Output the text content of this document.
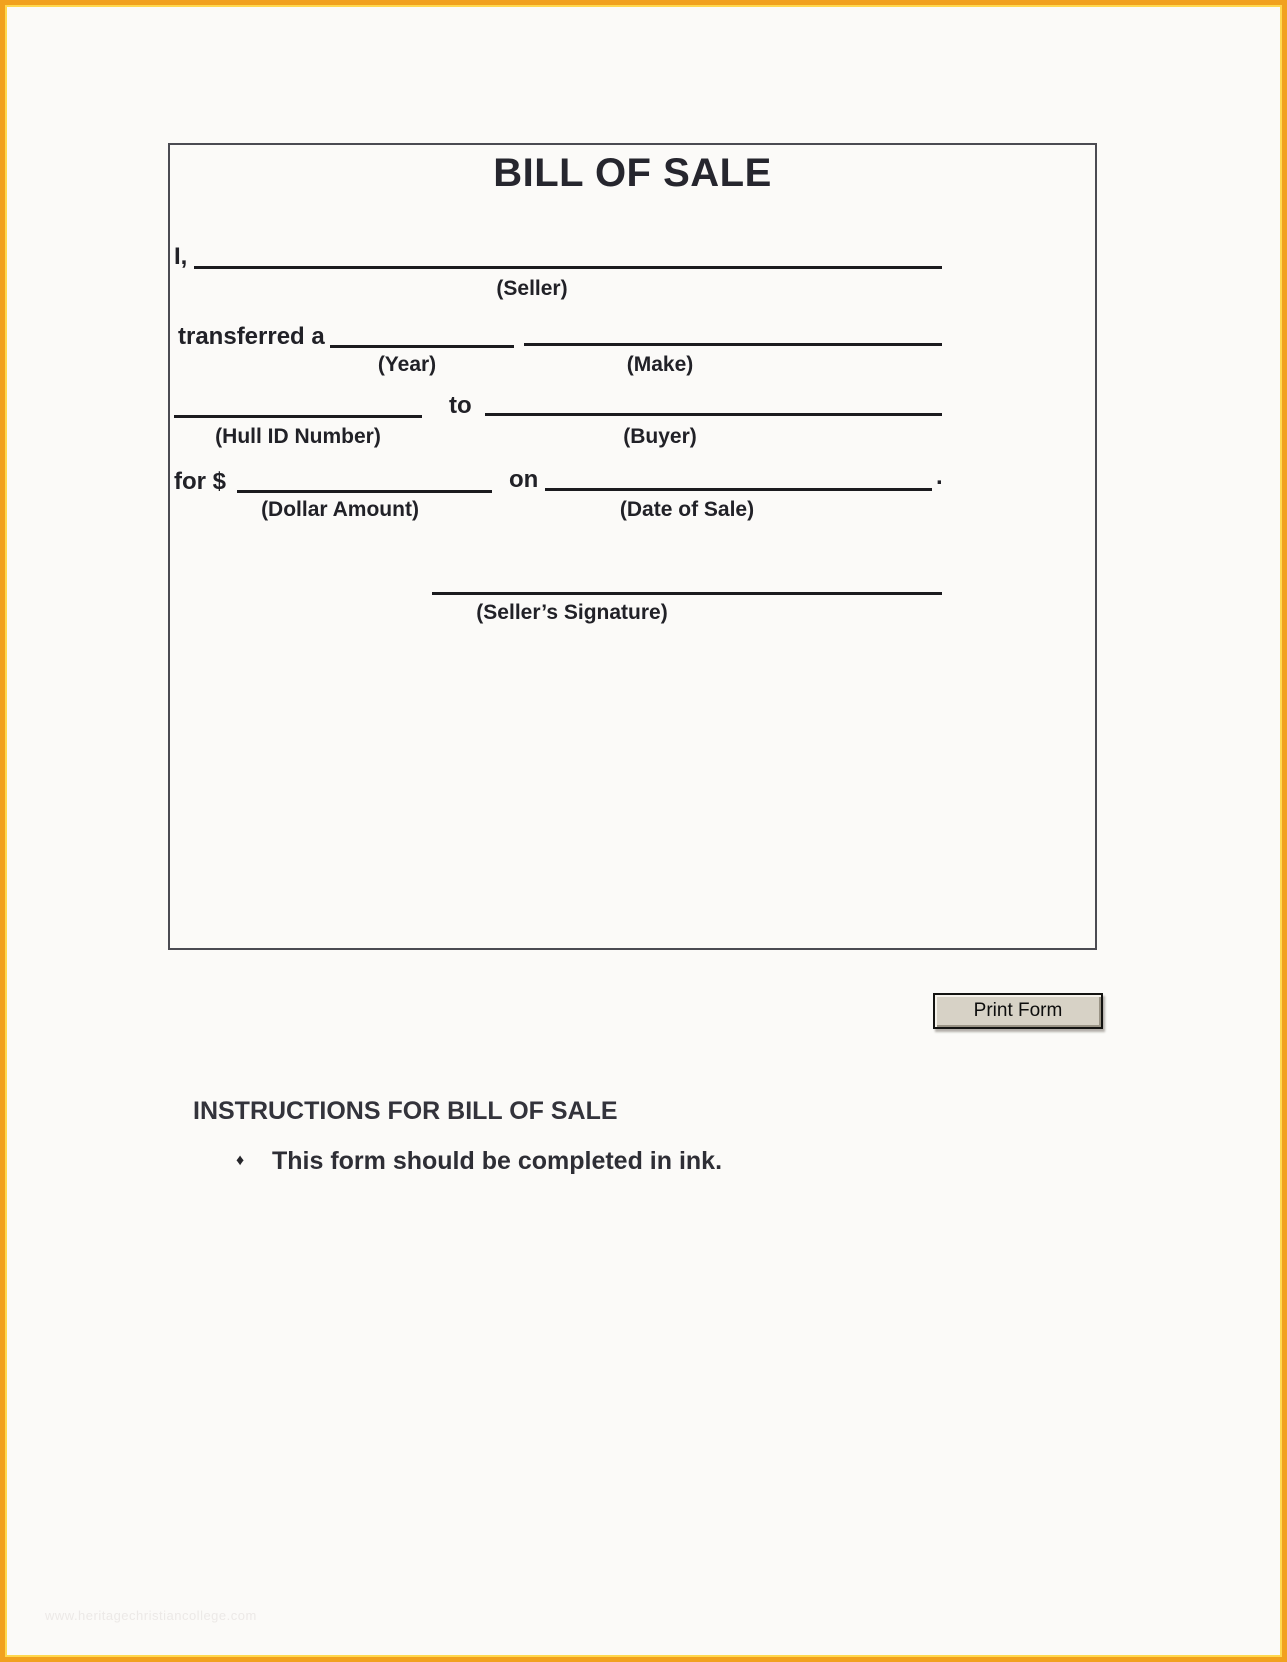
BILL OF SALE
I,
(Seller)
transferred a
(Year)	(Make)
to
(Hull ID Number)	(Buyer)
for $	on	.
(Dollar Amount)	(Date of Sale)
(Seller’s Signature)
Print Form
INSTRUCTIONS FOR BILL OF SALE
♦ This form should be completed in ink.
www.heritagechristiancollege.com
